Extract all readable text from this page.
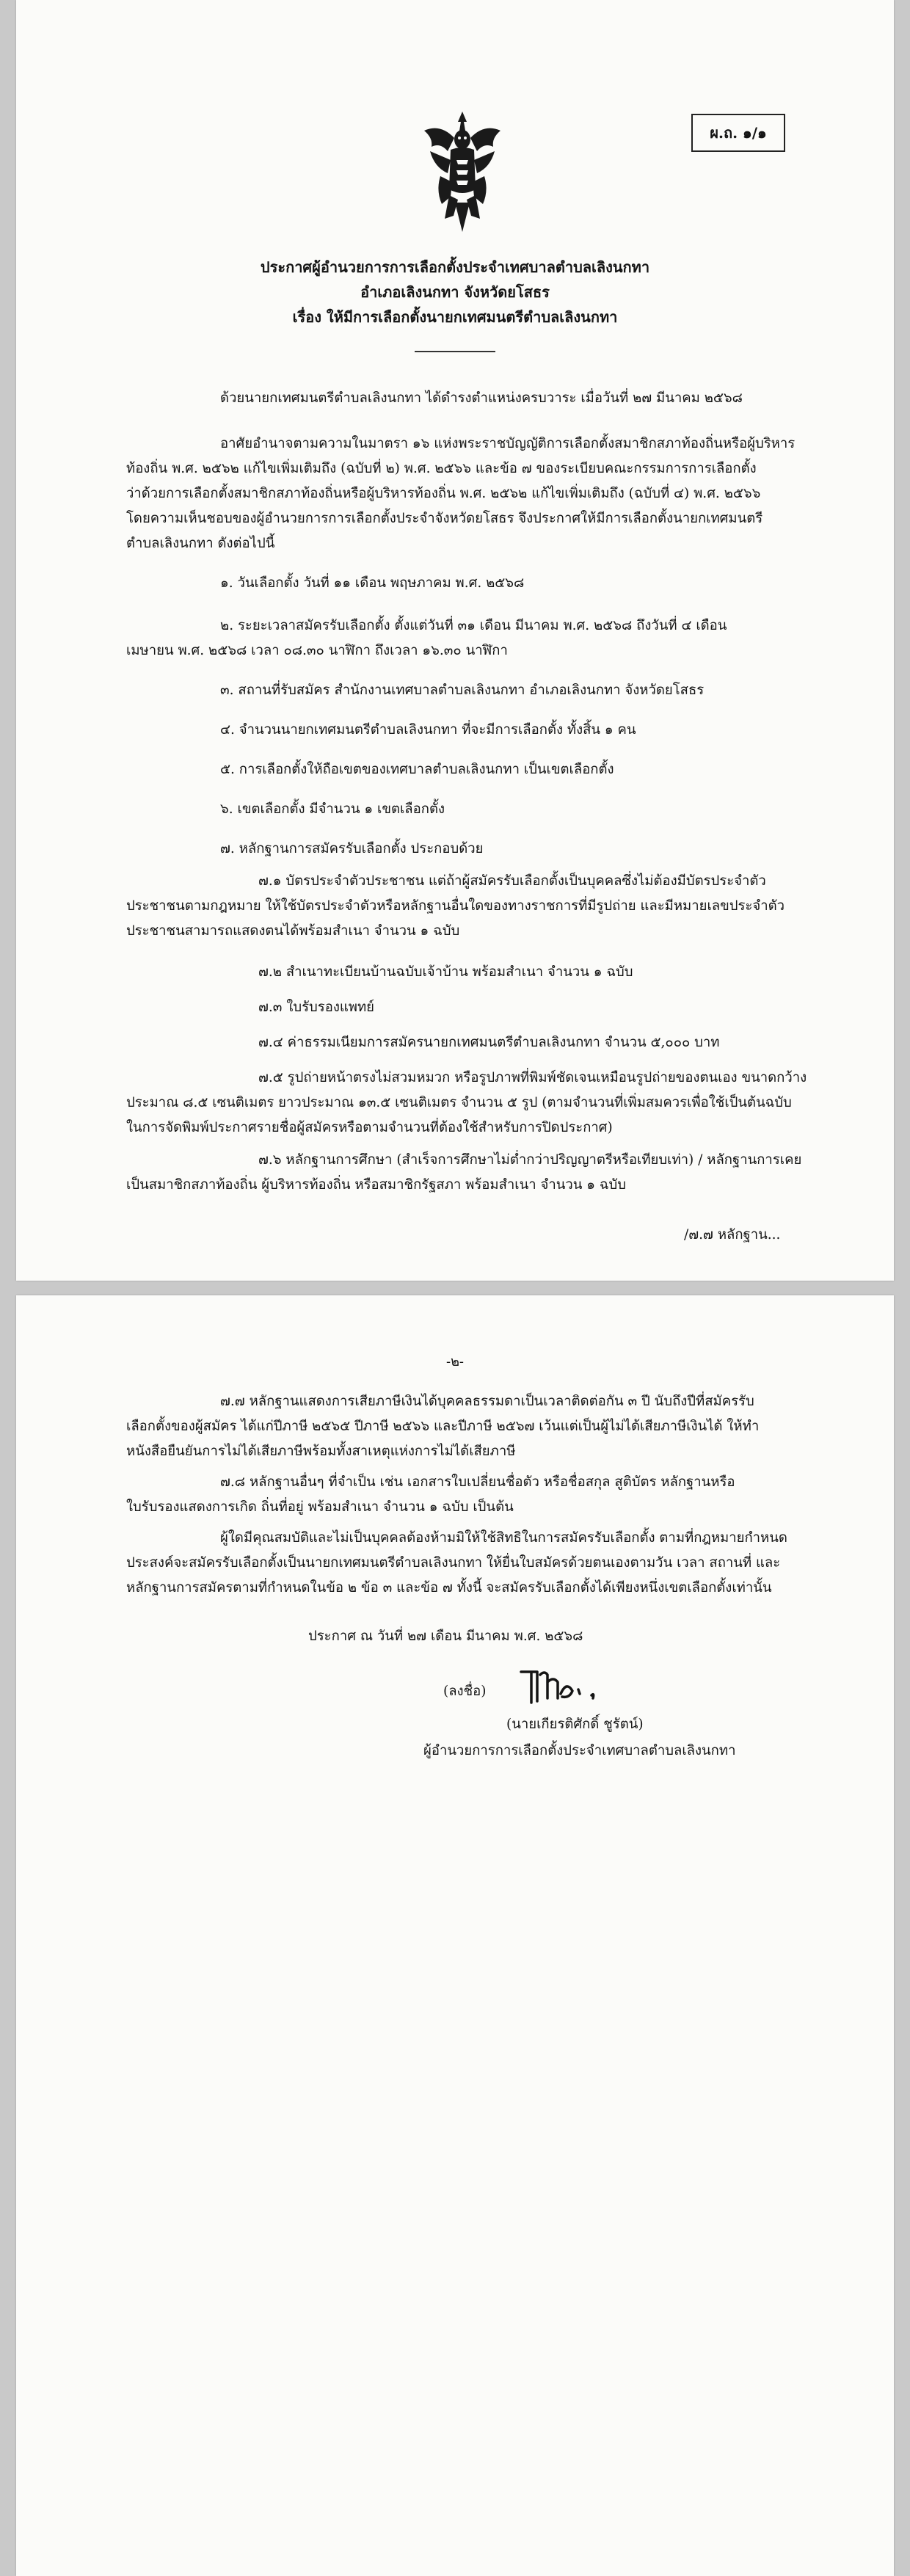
ผ.ถ. ๑/๑
ประกาศผู้อำนวยการการเลือกตั้งประจำเทศบาลตำบลเลิงนกทา
อำเภอเลิงนกทา จังหวัดยโสธร
เรื่อง ให้มีการเลือกตั้งนายกเทศมนตรีตำบลเลิงนกทา
ด้วยนายกเทศมนตรีตำบลเลิงนกทา ได้ดำรงตำแหน่งครบวาระ เมื่อวันที่ ๒๗ มีนาคม ๒๕๖๘
อาศัยอำนาจตามความในมาตรา ๑๖ แห่งพระราชบัญญัติการเลือกตั้งสมาชิกสภาท้องถิ่นหรือผู้บริหาร
ท้องถิ่น พ.ศ. ๒๕๖๒ แก้ไขเพิ่มเติมถึง (ฉบับที่ ๒) พ.ศ. ๒๕๖๖ และข้อ ๗ ของระเบียบคณะกรรมการการเลือกตั้ง
ว่าด้วยการเลือกตั้งสมาชิกสภาท้องถิ่นหรือผู้บริหารท้องถิ่น พ.ศ. ๒๕๖๒ แก้ไขเพิ่มเติมถึง (ฉบับที่ ๔) พ.ศ. ๒๕๖๖
โดยความเห็นชอบของผู้อำนวยการการเลือกตั้งประจำจังหวัดยโสธร จึงประกาศให้มีการเลือกตั้งนายกเทศมนตรี
ตำบลเลิงนกทา ดังต่อไปนี้
๑. วันเลือกตั้ง วันที่ ๑๑ เดือน พฤษภาคม พ.ศ. ๒๕๖๘
๒. ระยะเวลาสมัครรับเลือกตั้ง ตั้งแต่วันที่ ๓๑ เดือน มีนาคม พ.ศ. ๒๕๖๘ ถึงวันที่ ๔ เดือน
เมษายน พ.ศ. ๒๕๖๘ เวลา ๐๘.๓๐ นาฬิกา ถึงเวลา ๑๖.๓๐ นาฬิกา
๓. สถานที่รับสมัคร สำนักงานเทศบาลตำบลเลิงนกทา อำเภอเลิงนกทา จังหวัดยโสธร
๔. จำนวนนายกเทศมนตรีตำบลเลิงนกทา ที่จะมีการเลือกตั้ง ทั้งสิ้น ๑ คน
๕. การเลือกตั้งให้ถือเขตของเทศบาลตำบลเลิงนกทา เป็นเขตเลือกตั้ง
๖. เขตเลือกตั้ง มีจำนวน ๑ เขตเลือกตั้ง
๗. หลักฐานการสมัครรับเลือกตั้ง ประกอบด้วย
๗.๑ บัตรประจำตัวประชาชน แต่ถ้าผู้สมัครรับเลือกตั้งเป็นบุคคลซึ่งไม่ต้องมีบัตรประจำตัว
ประชาชนตามกฎหมาย ให้ใช้บัตรประจำตัวหรือหลักฐานอื่นใดของทางราชการที่มีรูปถ่าย และมีหมายเลขประจำตัว
ประชาชนสามารถแสดงตนได้พร้อมสำเนา จำนวน ๑ ฉบับ
๗.๒ สำเนาทะเบียนบ้านฉบับเจ้าบ้าน พร้อมสำเนา จำนวน ๑ ฉบับ
๗.๓ ใบรับรองแพทย์
๗.๔ ค่าธรรมเนียมการสมัครนายกเทศมนตรีตำบลเลิงนกทา จำนวน ๕,๐๐๐ บาท
๗.๕ รูปถ่ายหน้าตรงไม่สวมหมวก หรือรูปภาพที่พิมพ์ชัดเจนเหมือนรูปถ่ายของตนเอง ขนาดกว้าง
ประมาณ ๘.๕ เซนติเมตร ยาวประมาณ ๑๓.๕ เซนติเมตร จำนวน ๕ รูป (ตามจำนวนที่เพิ่มสมควรเพื่อใช้เป็นต้นฉบับ
ในการจัดพิมพ์ประกาศรายชื่อผู้สมัครหรือตามจำนวนที่ต้องใช้สำหรับการปิดประกาศ)
๗.๖ หลักฐานการศึกษา (สำเร็จการศึกษาไม่ต่ำกว่าปริญญาตรีหรือเทียบเท่า) / หลักฐานการเคย
เป็นสมาชิกสภาท้องถิ่น ผู้บริหารท้องถิ่น หรือสมาชิกรัฐสภา พร้อมสำเนา จำนวน ๑ ฉบับ
/๗.๗ หลักฐาน...
-๒-
๗.๗ หลักฐานแสดงการเสียภาษีเงินได้บุคคลธรรมดาเป็นเวลาติดต่อกัน ๓ ปี นับถึงปีที่สมัครรับ
เลือกตั้งของผู้สมัคร ได้แก่ปีภาษี ๒๕๖๕ ปีภาษี ๒๕๖๖ และปีภาษี ๒๕๖๗ เว้นแต่เป็นผู้ไม่ได้เสียภาษีเงินได้ ให้ทำ
หนังสือยืนยันการไม่ได้เสียภาษีพร้อมทั้งสาเหตุแห่งการไม่ได้เสียภาษี
๗.๘ หลักฐานอื่นๆ ที่จำเป็น เช่น เอกสารใบเปลี่ยนชื่อตัว หรือชื่อสกุล สูติบัตร หลักฐานหรือ
ใบรับรองแสดงการเกิด ถิ่นที่อยู่ พร้อมสำเนา จำนวน ๑ ฉบับ เป็นต้น
ผู้ใดมีคุณสมบัติและไม่เป็นบุคคลต้องห้ามมิให้ใช้สิทธิในการสมัครรับเลือกตั้ง ตามที่กฎหมายกำหนด
ประสงค์จะสมัครรับเลือกตั้งเป็นนายกเทศมนตรีตำบลเลิงนกทา ให้ยื่นใบสมัครด้วยตนเองตามวัน เวลา สถานที่ และ
หลักฐานการสมัครตามที่กำหนดในข้อ ๒ ข้อ ๓ และข้อ ๗ ทั้งนี้ จะสมัครรับเลือกตั้งได้เพียงหนึ่งเขตเลือกตั้งเท่านั้น
ประกาศ ณ วันที่ ๒๗ เดือน มีนาคม พ.ศ. ๒๕๖๘
(ลงชื่อ)
(นายเกียรติศักดิ์ ชูรัตน์)
ผู้อำนวยการการเลือกตั้งประจำเทศบาลตำบลเลิงนกทา
